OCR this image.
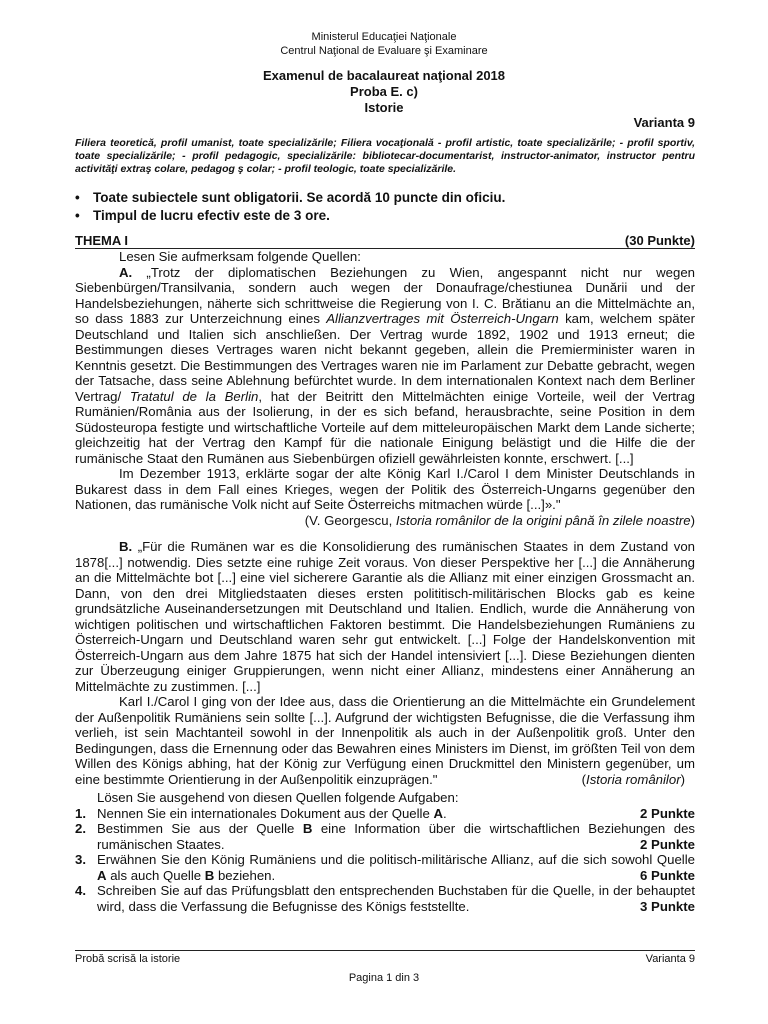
Ministerul Educaţiei Naţionale
Centrul Naţional de Evaluare şi Examinare
Examenul de bacalaureat naţional 2018
Proba E. c)
Istorie
Varianta 9
Filiera teoretică, profil umanist, toate specializările; Filiera vocaţională - profil artistic, toate specializările; - profil sportiv, toate specializările; - profil pedagogic, specializările: bibliotecar-documentarist, instructor-animator, instructor pentru activităţi extraş colare, pedagog ş colar; - profil teologic, toate specializările.
• Toate subiectele sunt obligatorii. Se acordă 10 puncte din oficiu.
• Timpul de lucru efectiv este de 3 ore.
THEMA I	(30 Punkte)

Lesen Sie aufmerksam folgende Quellen:

A. „Trotz der diplomatischen Beziehungen zu Wien, angespannt nicht nur wegen Siebenbürgen/Transilvania, sondern auch wegen der Donaufrage/chestiunea Dunării und der Handelsbeziehungen, näherte sich schrittweise die Regierung von I. C. Brătianu an die Mittelmächte an, so dass 1883 zur Unterzeichnung eines Allianzvertrages mit Österreich-Ungarn kam, welchem später Deutschland und Italien sich anschließen. Der Vertrag wurde 1892, 1902 und 1913 erneut; die Bestimmungen dieses Vertrages waren nicht bekannt gegeben, allein die Premierminister waren in Kenntnis gesetzt. Die Bestimmungen des Vertrages waren nie im Parlament zur Debatte gebracht, wegen der Tatsache, dass seine Ablehnung befürchtet wurde. In dem internationalen Kontext nach dem Berliner Vertrag/ Tratatul de la Berlin, hat der Beitritt den Mittelmächten einige Vorteile, weil der Vertrag Rumänien/România aus der Isolierung, in der es sich befand, herausbrachte, seine Position in dem Südosteuropa festigte und wirtschaftliche Vorteile auf dem mitteleuropäischen Markt dem Lande sicherte; gleichzeitig hat der Vertrag den Kampf für die nationale Einigung belästigt und die Hilfe die der rumänische Staat den Rumänen aus Siebenbürgen ofiziell gewährleisten konnte, erschwert. [...]

Im Dezember 1913, erklärte sogar der alte König Karl I./Carol I dem Minister Deutschlands in Bukarest dass in dem Fall eines Krieges, wegen der Politik des Österreich-Ungarns gegenüber den Nationen, das rumänische Volk nicht auf Seite Österreichs mitmachen würde [...]»."

(V. Georgescu, Istoria românilor de la origini până în zilele noastre)

B. „Für die Rumänen war es die Konsolidierung des rumänischen Staates in dem Zustand von 1878[...] notwendig. Dies setzte eine ruhige Zeit voraus. Von dieser Perspektive her [...] die Annäherung an die Mittelmächte bot [...] eine viel sicherere Garantie als die Allianz mit einer einzigen Grossmacht an. Dann, von den drei Mitgliedstaaten dieses ersten polititisch-militärischen Blocks gab es keine grundsätzliche Auseinandersetzungen mit Deutschland und Italien. Endlich, wurde die Annäherung von wichtigen politischen und wirtschaftlichen Faktoren bestimmt. Die Handelsbeziehungen Rumäniens zu Österreich-Ungarn und Deutschland waren sehr gut entwickelt. [...] Folge der Handelskonvention mit Österreich-Ungarn aus dem Jahre 1875 hat sich der Handel intensiviert [...]. Diese Beziehungen dienten zur Überzeugung einiger Gruppierungen, wenn nicht einer Allianz, mindestens einer Annäherung an Mittelmächte zu zustimmen. [...]

Karl I./Carol I ging von der Idee aus, dass die Orientierung an die Mittelmächte ein Grundelement der Außenpolitik Rumäniens sein sollte [...]. Aufgrund der wichtigsten Befugnisse, die die Verfassung ihm verlieh, ist sein Machtanteil sowohl in der Innenpolitik als auch in der Außenpolitik groß. Unter den Bedingungen, dass die Ernennung oder das Bewahren eines Ministers im Dienst, im größten Teil von dem Willen des Königs abhing, hat der König zur Verfügung einen Druckmittel den Ministern gegenüber, um eine bestimmte Orientierung in der Außenpolitik einzuprägen."	(Istoria românilor)

Lösen Sie ausgehend von diesen Quellen folgende Aufgaben:

1. Nennen Sie ein internationales Dokument aus der Quelle A.	2 Punkte
2. Bestimmen Sie aus der Quelle B eine Information über die wirtschaftlichen Beziehungen des rumänischen Staates.	2 Punkte
3. Erwähnen Sie den König Rumäniens und die politisch-militärische Allianz, auf die sich sowohl Quelle A als auch Quelle B beziehen.	6 Punkte
4. Schreiben Sie auf das Prüfungsblatt den entsprechenden Buchstaben für die Quelle, in der behauptet wird, dass die Verfassung die Befugnisse des Königs feststellte.	3 Punkte
Probă scrisă la istorie	Varianta 9
Pagina 1 din 3
